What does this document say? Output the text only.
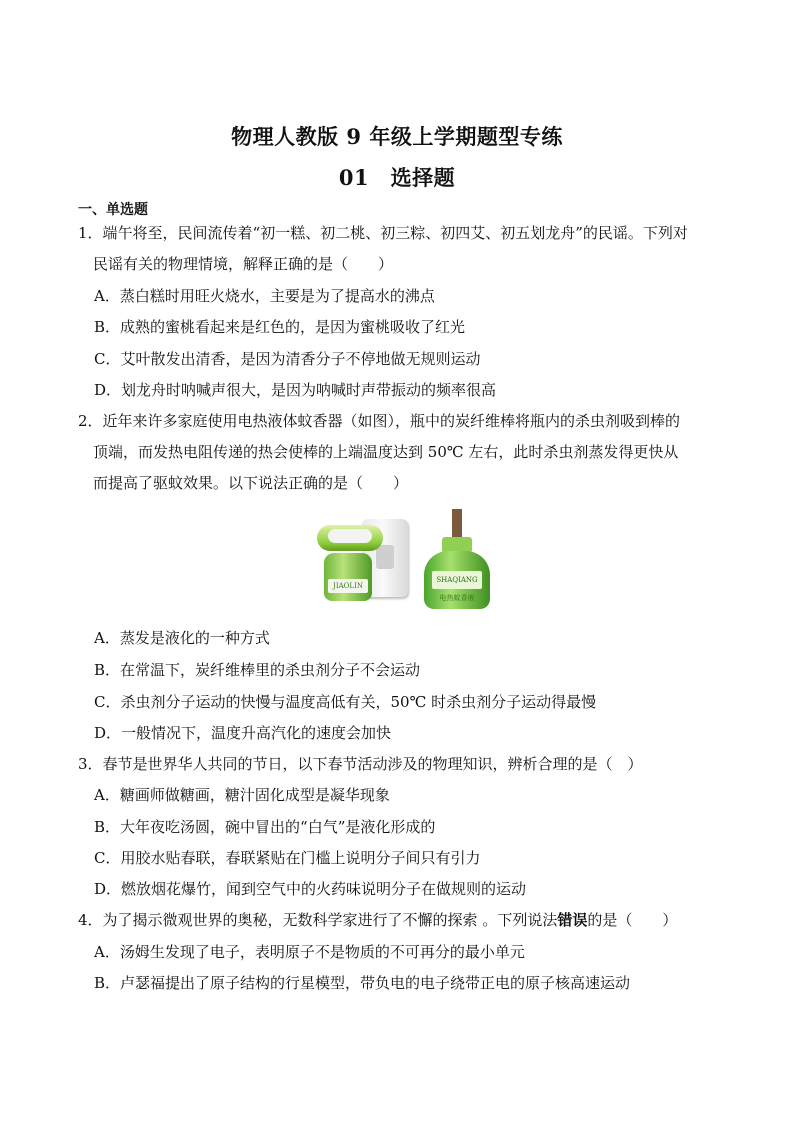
物理人教版 9 年级上学期题型专练
01　选择题
一、单选题
1．端午将至，民间流传着“初一糕、初二桃、初三粽、初四艾、初五划龙舟”的民谣。下列对
民谣有关的物理情境，解释正确的是（　　）
A．蒸白糕时用旺火烧水，主要是为了提高水的沸点
B．成熟的蜜桃看起来是红色的，是因为蜜桃吸收了红光
C．艾叶散发出清香，是因为清香分子不停地做无规则运动
D．划龙舟时呐喊声很大，是因为呐喊时声带振动的频率很高
2．近年来许多家庭使用电热液体蚊香器（如图），瓶中的炭纤维棒将瓶内的杀虫剂吸到棒的
顶端，而发热电阻传递的热会使棒的上端温度达到 50℃ 左右，此时杀虫剂蒸发得更快从
而提高了驱蚊效果。以下说法正确的是（　　）
JIAOLIN
SHAQIANG 电热蚊香液
A．蒸发是液化的一种方式
B．在常温下，炭纤维棒里的杀虫剂分子不会运动
C．杀虫剂分子运动的快慢与温度高低有关，50℃ 时杀虫剂分子运动得最慢
D．一般情况下，温度升高汽化的速度会加快
3．春节是世界华人共同的节日，以下春节活动涉及的物理知识，辨析合理的是（　）
A．糖画师做糖画，糖汁固化成型是凝华现象
B．大年夜吃汤圆，碗中冒出的“白气”是液化形成的
C．用胶水贴春联，春联紧贴在门槛上说明分子间只有引力
D．燃放烟花爆竹，闻到空气中的火药味说明分子在做规则的运动
4．为了揭示微观世界的奥秘，无数科学家进行了不懈的探索 。下列说法错误的是（　　）
A．汤姆生发现了电子，表明原子不是物质的不可再分的最小单元
B．卢瑟福提出了原子结构的行星模型，带负电的电子绕带正电的原子核高速运动
